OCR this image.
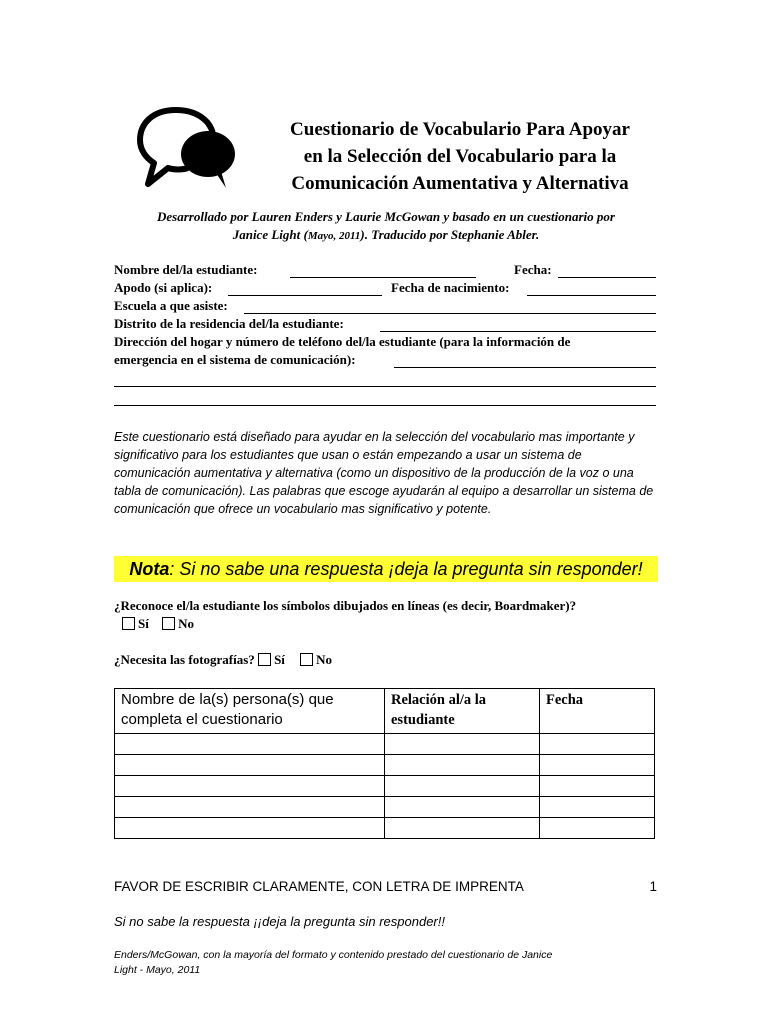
Cuestionario de Vocabulario Para Apoyar
en la Selección del Vocabulario para la
Comunicación Aumentativa y Alternativa
Desarrollado por Lauren Enders y Laurie McGowan y basado en un cuestionario por
Janice Light (Mayo, 2011). Traducido por Stephanie Abler.
Nombre del/la estudiante:	Fecha:
Apodo (si aplica):	Fecha de nacimiento:
Escuela a que asiste:
Distrito de la residencia del/la estudiante:
Dirección del hogar y número de teléfono del/la estudiante (para la información de
emergencia en el sistema de comunicación):
Este cuestionario está diseñado para ayudar en la selección del vocabulario mas importante y significativo para los estudiantes que usan o están empezando a usar un sistema de comunicación aumentativa y alternativa (como un dispositivo de la producción de la voz o una tabla de comunicación). Las palabras que escoge ayudarán al equipo a desarrollar un sistema de comunicación que ofrece un vocabulario mas significativo y potente.
Nota: Si no sabe una respuesta ¡deja la pregunta sin responder!
¿Reconoce el/la estudiante los símbolos dibujados en líneas (es decir, Boardmaker)?
Sí No
¿Necesita las fotografías? Sí No
Nombre de la(s) persona(s) que completa el cuestionario	Relación al/a la estudiante	Fecha

FAVOR DE ESCRIBIR CLARAMENTE, CON LETRA DE IMPRENTA	1
Si no sabe la respuesta ¡¡deja la pregunta sin responder!!
Enders/McGowan, con la mayoría del formato y contenido prestado del cuestionario de Janice Light - Mayo, 2011
